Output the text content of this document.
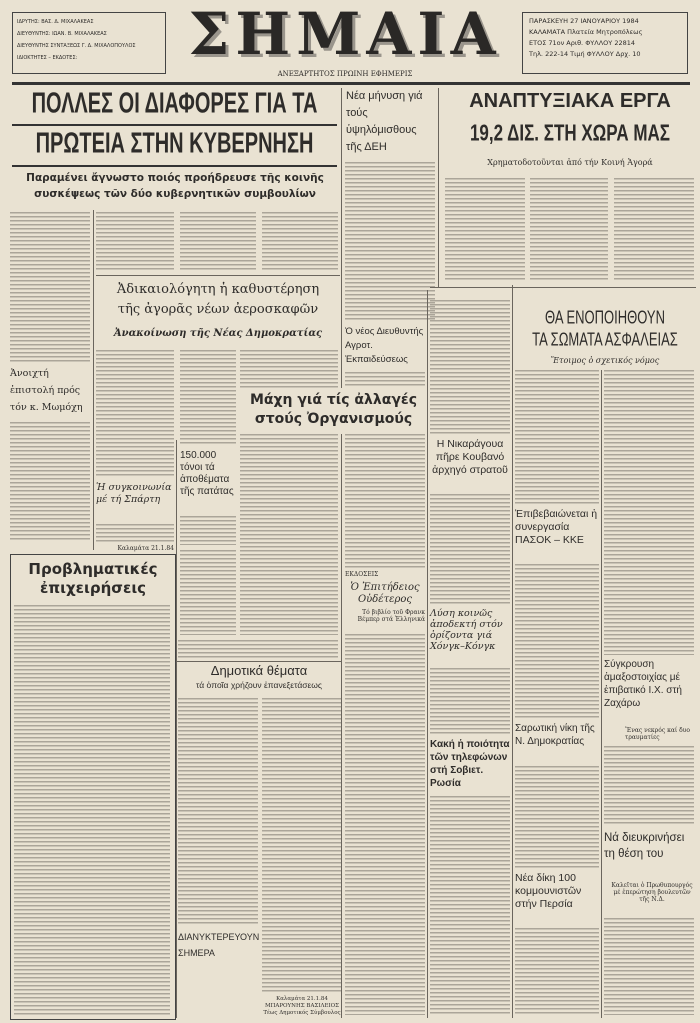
ΙΔΡΥΤΗΣ: ΒΑΣ. Δ. ΜΙΧΑΛΑΚΕΑΣ
ΔΙΕΥΘΥΝΤΗΣ: ΙΩΑΝ. Β. ΜΙΧΑΛΑΚΕΑΣ
ΔΙΕΥΘΥΝΤΗΣ ΣΥΝΤΑΞΕΩΣ Γ. Δ. ΜΙΧΑΛΟΠΟΥΛΟΣ
ΙΔΙΟΚΤΗΤΕΣ – ΕΚΔΟΤΕΣ:	ΣΗΜΑΙΑ
ΑΝΕΞΑΡΤΗΤΟΣ ΠΡΩΙΝΗ ΕΦΗΜΕΡΙΣ
ΠΑΡΑΣΚΕΥΗ 27 ΙΑΝΟΥΑΡΙΟΥ 1984
ΚΑΛΑΜΑΤΑ Πλατεία Μητροπόλεως
ΕΤΟΣ 71ον Αριθ. ΦΥΛΛΟΥ 22814
Τηλ. 222-14 Τιμή ΦΥΛΛΟΥ Δρχ. 10
ΠΟΛΛΕΣ ΟΙ ΔΙΑΦΟΡΕΣ ΓΙΑ ΤΑ
ΠΡΩΤΕΙΑ ΣΤΗΝ ΚΥΒΕΡΝΗΣΗ
Παραμένει ἄγνωστο ποιός προήδρευσε τῆς κοινῆς
συσκέψεως τῶν δύο κυβερνητικῶν συμβουλίων
Νέα μήνυση γιά τούς ὑψηλόμισθους τῆς ΔΕΗ
ΑΝΑΠΤΥΞΙΑΚΑ ΕΡΓΑ
19,2 ΔΙΣ. ΣΤΗ ΧΩΡΑ ΜΑΣ
Χρηματοδοτοῦνται ἀπό τήν Κοινή Ἀγορά
Ἀδικαιολόγητη ἡ καθυστέρηση
τῆς ἀγορᾶς νέων ἀεροσκαφῶν
Ἀνακοίνωση τῆς Νέας Δημοκρατίας
Ἀνοιχτή ἐπιστολή πρός τόν κ. Μωμόχη
Ὁ νέος Διευθυντής Αγροτ. Ἐκπαιδεύσεως
Μάχη γιά τίς ἀλλαγές
στούς Ὀργανισμούς
ΘΑ ΕΝΟΠΟΙΗΘΟΥΝ
ΤΑ ΣΩΜΑΤΑ ΑΣΦΑΛΕΙΑΣ
Ἕτοιμος ὁ σχετικός νόμος
Η Νικαράγουα πῆρε Κουβανό ἀρχηγό στρατοῦ
150.000 τόνοι τά ἀποθέματα τῆς πατάτας
Ἡ συγκοινωνία μέ τή Σπάρτη
Καλαμάτα 21.1.84
Προβληματικές ἐπιχειρήσεις
Δημοτικά θέματα
τά ὁποῖα χρήζουν ἐπανεξετάσεως
ΕΚΔΟΣΕΙΣ
Ὁ Ἐπιτήδειος Οὐδέτερος
Τό βιβλίο τοῦ Φρανκ Βέμπερ στά Ἑλληνικά
Λύση κοινῶς ἀποδεκτή στόν ὁρίζοντα γιά Χόνγκ–Κόνγκ
Κακή ἡ ποιότητα τῶν τηλεφώνων στή Σοβιετ. Ρωσία
Ἐπιβεβαιώνεται ἡ συνεργασία ΠΑΣΟΚ – ΚΚΕ
Σύγκρουση ἁμαξοστοιχίας μέ ἐπιβατικό Ι.Χ. στή Ζαχάρω
Ἕνας νεκρός καί δυο τραυματίες
Σαρωτική νίκη τῆς Ν. Δημοκρατίας
Νέα δίκη 100 κομμουνιστῶν στήν Περσία
Νά διευκρινήσει τη θέση του
Καλεῖται ὁ Πρωθυπουργός μέ ἐπερώτηση βουλευτῶν τῆς Ν.Δ.
ΔΙΑΝΥΚΤΕΡΕΥΟΥΝ
ΣΗΜΕΡΑ
Καλαμάτα 21.1.84
ΜΠΑΡΟΥΝΗΣ ΒΑΣΙΛΕΙΟΣ
Τέως Δημοτικός Σύμβουλος
